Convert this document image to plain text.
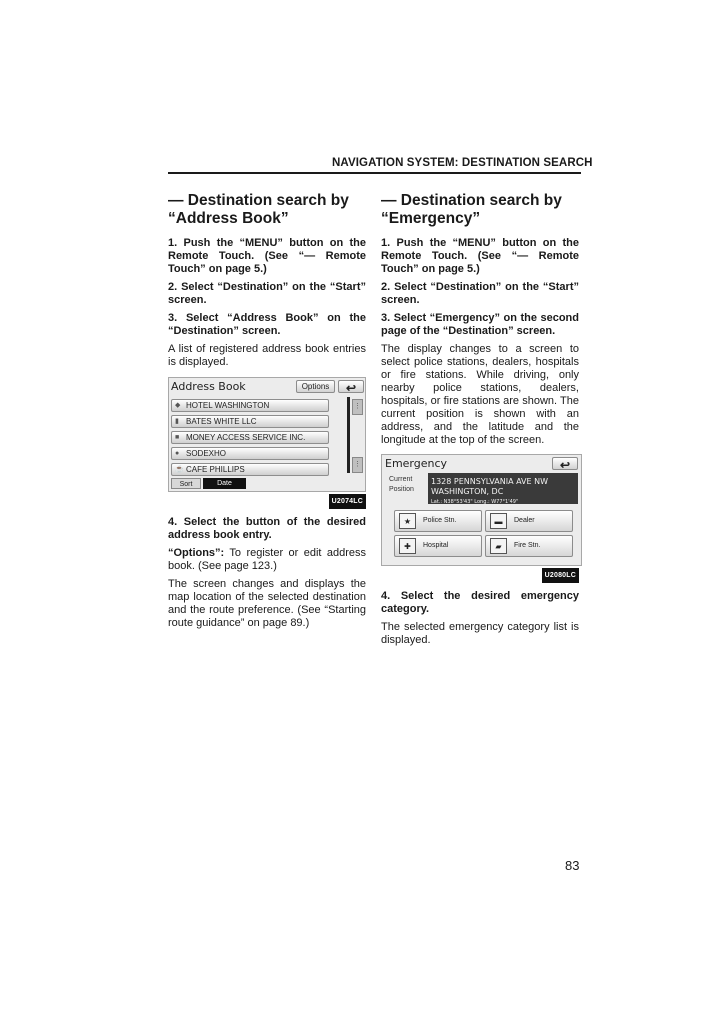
NAVIGATION SYSTEM: DESTINATION SEARCH
— Destination search by “Address Book”
1. Push the “MENU” button on the Remote Touch. (See “— Remote Touch” on page 5.)
2. Select “Destination” on the “Start” screen.
3. Select “Address Book” on the “Destination” screen.
A list of registered address book entries is displayed.
Address Book	Options	↩
◆ HOTEL WASHINGTON
▮ BATES WHITE LLC
■ MONEY ACCESS SERVICE INC.
● SODEXHO
☕ CAFE PHILLIPS
⋮
⋮
Sort	Date
U2074LC
4. Select the button of the desired address book entry.
“Options”: To register or edit address book. (See page 123.)
The screen changes and displays the map location of the selected destination and the route preference. (See “Starting route guidance” on page 89.)
— Destination search by “Emergency”
1. Push the “MENU” button on the Remote Touch. (See “— Remote Touch” on page 5.)
2. Select “Destination” on the “Start” screen.
3. Select “Emergency” on the second page of the “Destination” screen.
The display changes to a screen to select police stations, dealers, hospitals or fire stations. While driving, only nearby police stations, dealers, hospitals, or fire stations are shown. The current position is shown with an address, and the latitude and the longitude at the top of the screen.
Emergency	↩
Current Position
1328 PENNSYLVANIA AVE NW
WASHINGTON, DC
Lat.: N38°53'43" Long.: W77°1'49"
★	Police Stn.	▬	Dealer
✚	Hospital	▰	Fire Stn.
U2080LC
4. Select the desired emergency category.
The selected emergency category list is displayed.
83
